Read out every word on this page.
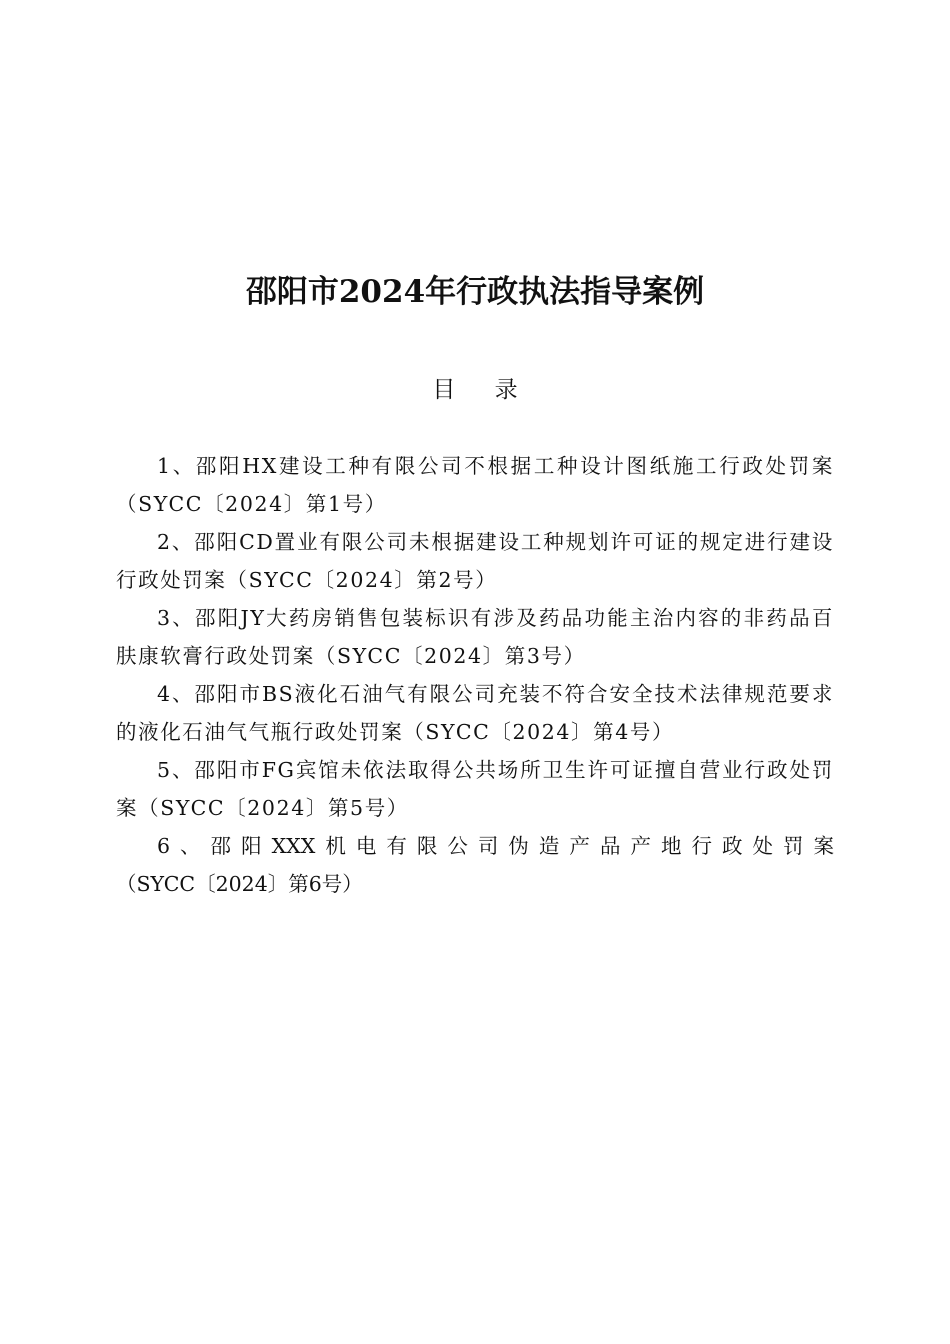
邵阳市2024年行政执法指导案例
目 录
1、邵阳HX建设工种有限公司不根据工种设计图纸施工行政处罚案（SYCC〔2024〕第1号）
2、邵阳CD置业有限公司未根据建设工种规划许可证的规定进行建设行政处罚案（SYCC〔2024〕第2号）
3、邵阳JY大药房销售包装标识有涉及药品功能主治内容的非药品百肤康软膏行政处罚案（SYCC〔2024〕第3号）
4、邵阳市BS液化石油气有限公司充装不符合安全技术法律规范要求的液化石油气气瓶行政处罚案（SYCC〔2024〕第4号）
5、邵阳市FG宾馆未依法取得公共场所卫生许可证擅自营业行政处罚案（SYCC〔2024〕第5号）
6、邵阳XXX机电有限公司伪造产品产地行政处罚案
（SYCC〔2024〕第6号）
